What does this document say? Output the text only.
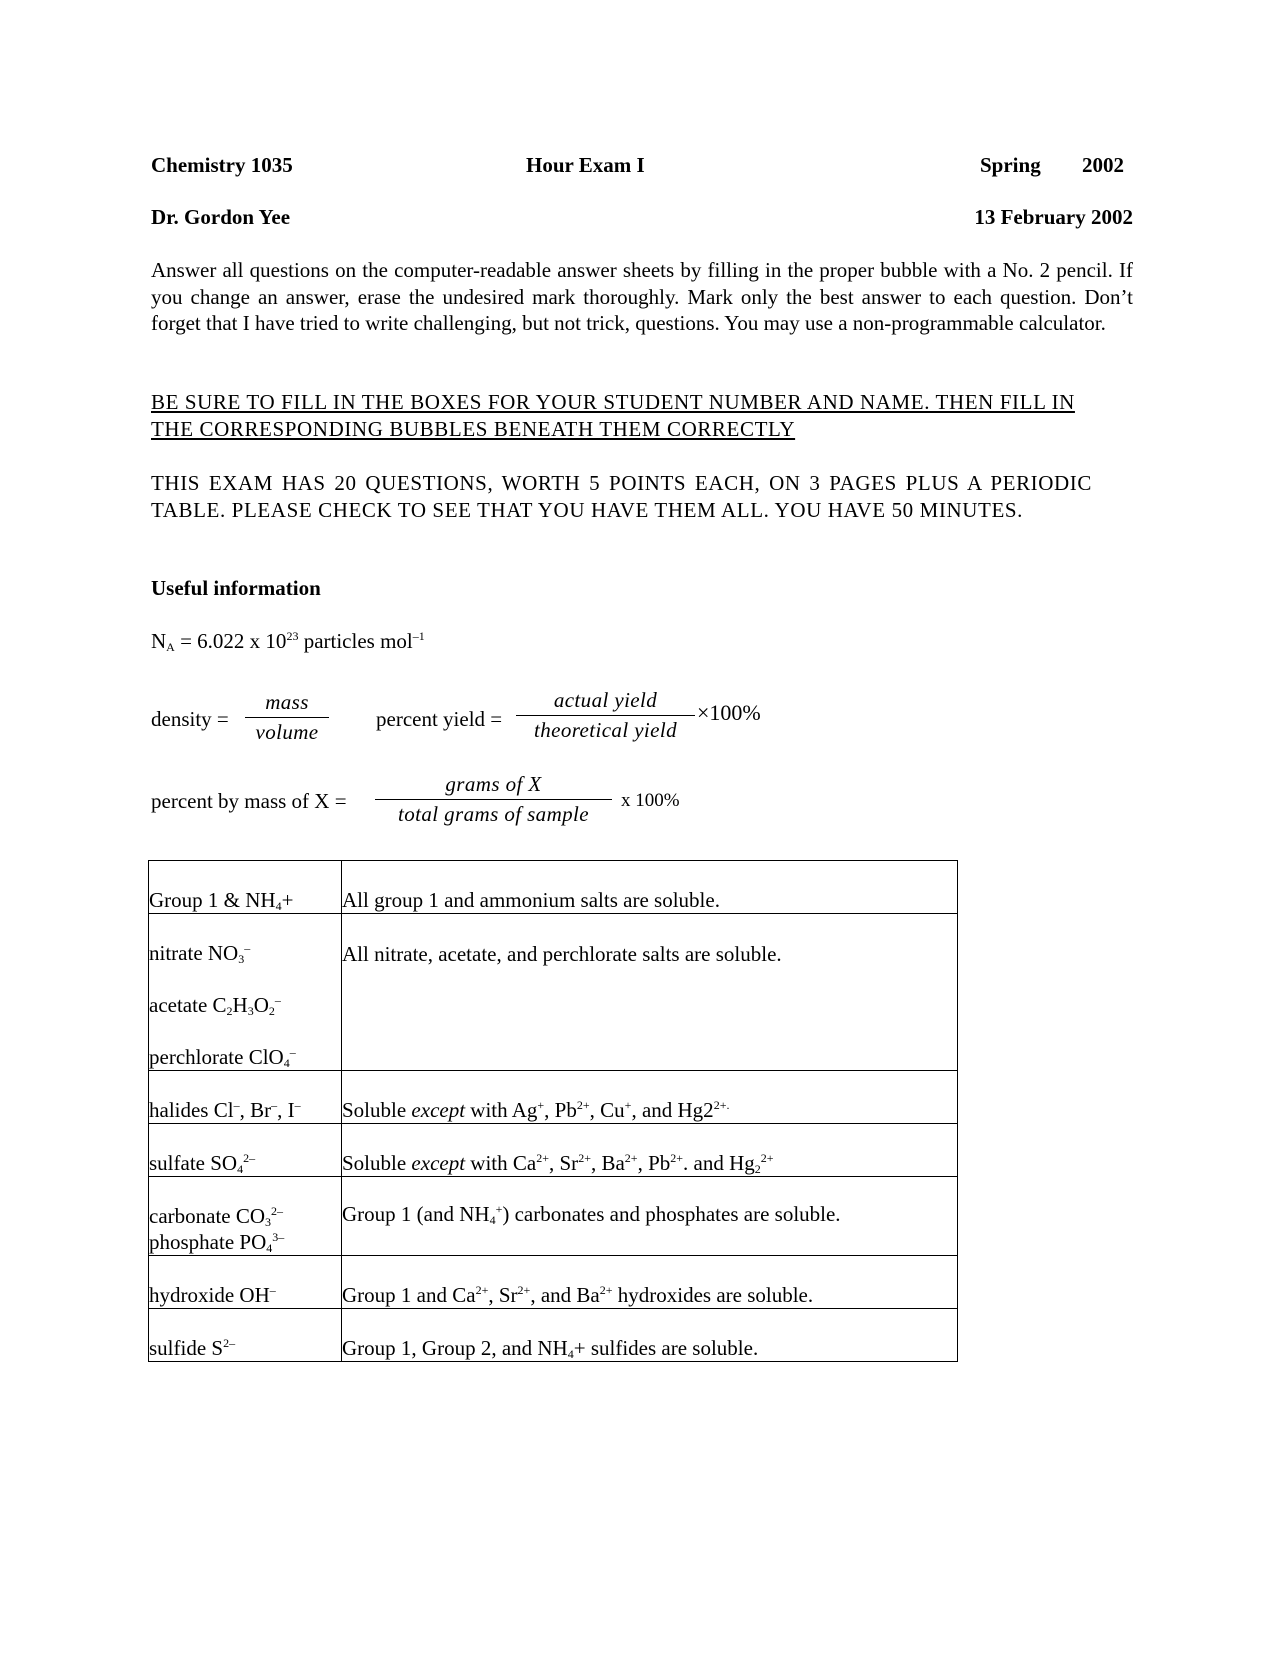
Chemistry 1035	Hour Exam I	Spring 2002
Dr. Gordon Yee	13 February 2002
Answer all questions on the computer-readable answer sheets by filling in the proper bubble with a No. 2 pencil. If you change an answer, erase the undesired mark thoroughly. Mark only the best answer to each question. Don’t forget that I have tried to write challenging, but not trick, questions. You may use a non-programmable calculator.
BE SURE TO FILL IN THE BOXES FOR YOUR STUDENT NUMBER AND NAME. THEN FILL IN THE CORRESPONDING BUBBLES BENEATH THEM CORRECTLY
THIS EXAM HAS 20 QUESTIONS, WORTH 5 POINTS EACH, ON 3 PAGES PLUS A PERIODIC TABLE. PLEASE CHECK TO SEE THAT YOU HAVE THEM ALL. YOU HAVE 50 MINUTES.
Useful information
$N_A = 6.022$ x $10^{23}$ particles mol$^{-1}$
density =
mass
volume
percent yield =
actual yield
theoretical yield
×100%
percent by mass of X =
grams of X
total grams of sample
x 100%
Group 1 & $NH_4+$	All group 1 and ammonium salts are soluble.

nitrate $NO_3^-$
acetate $C_2H_3O_2^-$
perchlorate ClO$_4$–	All nitrate, acetate, and perchlorate salts are soluble.

halides Cl–, Br–, I–	Soluble except with Ag+, $Pb^{2+}$, Cu+, and $Hg2^{2+.}$

sulfate $SO_4^{2-}$	Soluble except with $Ca^{2+}$, $Sr^{2+}$, $Ba^{2+}$, $Pb^{2+}$. and $Hg_2^{2+}$

carbonate $CO_3^{2-}$
phosphate $PO_4^{3-}$	Group 1 (and $NH_4^+$) carbonates and phosphates are soluble.

hydroxide OH–	Group 1 and $Ca^{2+}$, $Sr^{2+}$, and $Ba^{2+}$ hydroxides are soluble.

sulfide $S^{2-}$	Group 1, Group 2, and $NH_4+$ sulfides are soluble.
